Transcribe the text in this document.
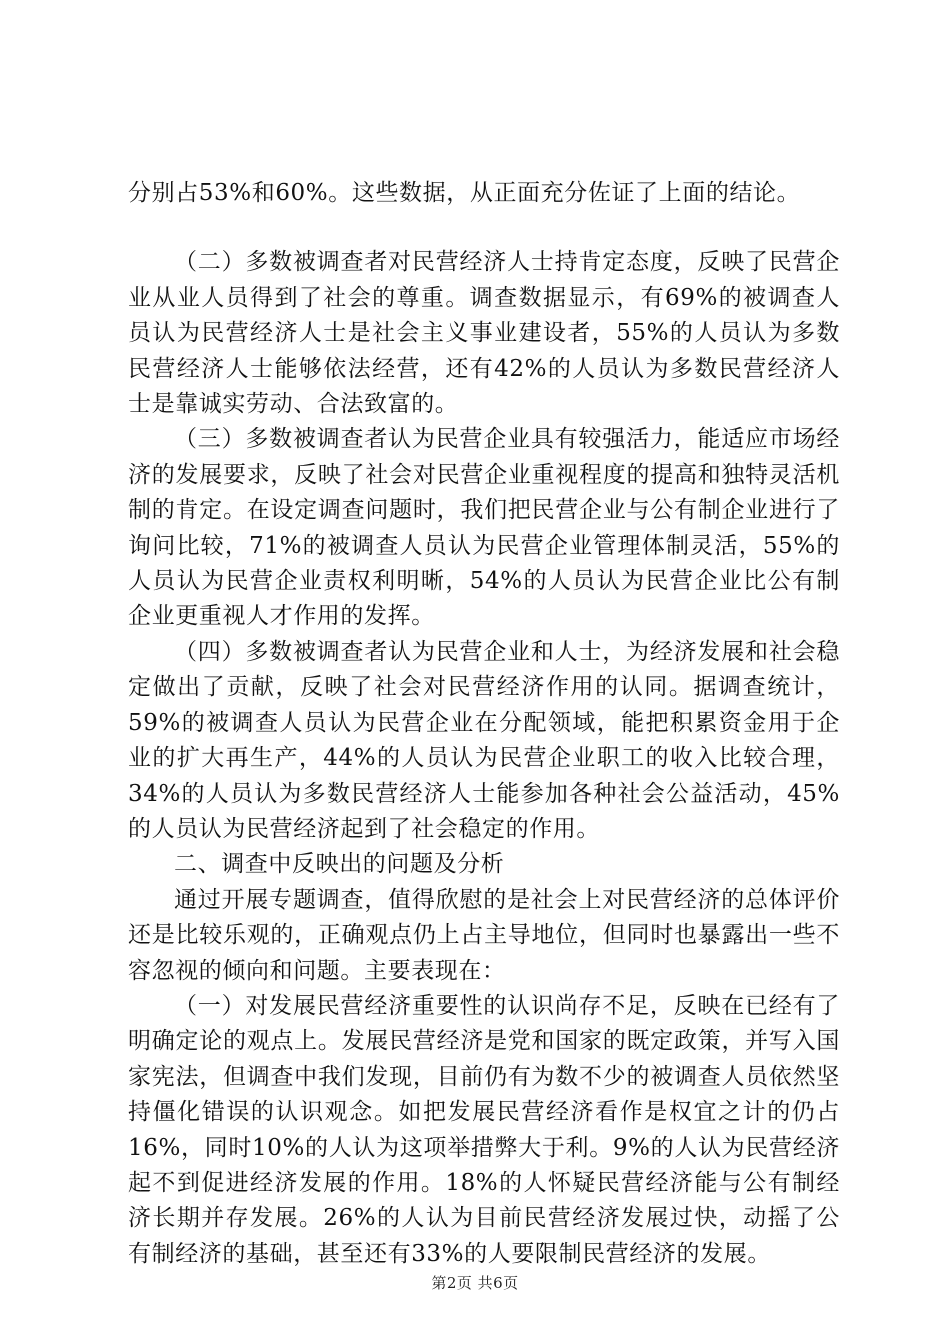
分别占53%和60%。这些数据，从正面充分佐证了上面的结论。

（二）多数被调查者对民营经济人士持肯定态度，反映了民营企业从业人员得到了社会的尊重。调查数据显示，有69%的被调查人员认为民营经济人士是社会主义事业建设者，55%的人员认为多数民营经济人士能够依法经营，还有42%的人员认为多数民营经济人士是靠诚实劳动、合法致富的。

（三）多数被调查者认为民营企业具有较强活力，能适应市场经济的发展要求，反映了社会对民营企业重视程度的提高和独特灵活机制的肯定。在设定调查问题时，我们把民营企业与公有制企业进行了询问比较，71%的被调查人员认为民营企业管理体制灵活，55%的人员认为民营企业责权利明晰，54%的人员认为民营企业比公有制企业更重视人才作用的发挥。

（四）多数被调查者认为民营企业和人士，为经济发展和社会稳定做出了贡献，反映了社会对民营经济作用的认同。据调查统计，59%的被调查人员认为民营企业在分配领域，能把积累资金用于企业的扩大再生产，44%的人员认为民营企业职工的收入比较合理，34%的人员认为多数民营经济人士能参加各种社会公益活动，45%的人员认为民营经济起到了社会稳定的作用。

二、调查中反映出的问题及分析

通过开展专题调查，值得欣慰的是社会上对民营经济的总体评价还是比较乐观的，正确观点仍上占主导地位，但同时也暴露出一些不容忽视的倾向和问题。主要表现在：

（一）对发展民营经济重要性的认识尚存不足，反映在已经有了明确定论的观点上。发展民营经济是党和国家的既定政策，并写入国家宪法，但调查中我们发现，目前仍有为数不少的被调查人员依然坚持僵化错误的认识观念。如把发展民营经济看作是权宜之计的仍占16%，同时10%的人认为这项举措弊大于利。9%的人认为民营经济起不到促进经济发展的作用。18%的人怀疑民营经济能与公有制经济长期并存发展。26%的人认为目前民营经济发展过快，动摇了公有制经济的基础，甚至还有33%的人要限制民营经济的发展。

第2页 共6页
